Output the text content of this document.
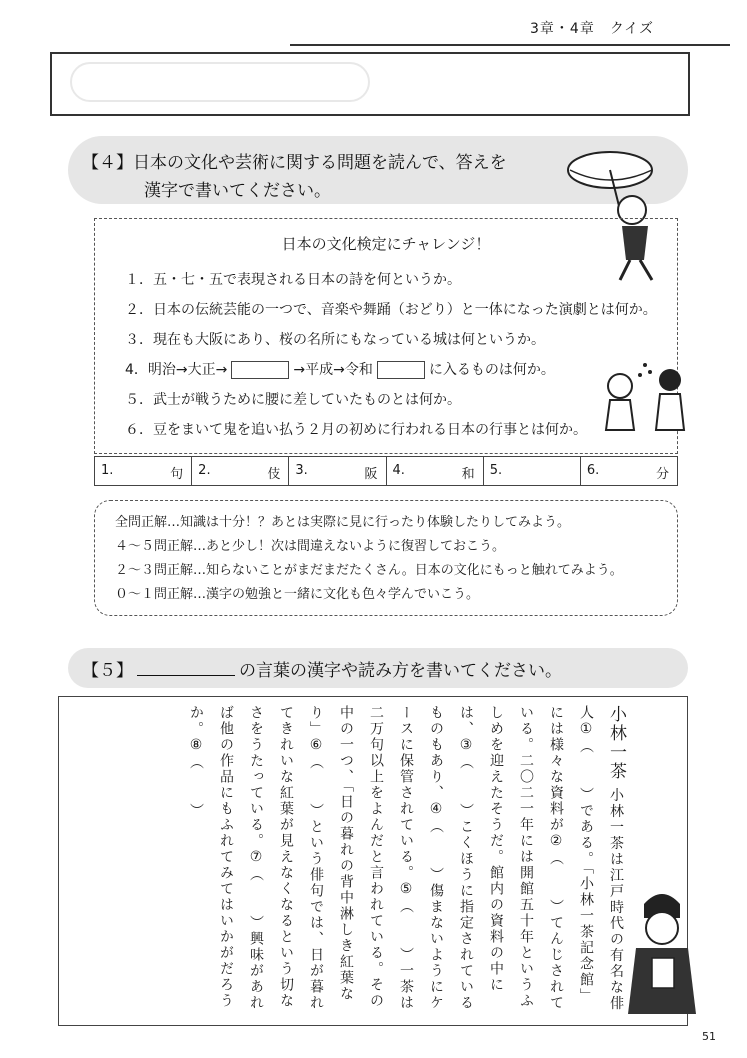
3章・4章　クイズ
【４】日本の文化や芸術に関する問題を読んで、答えを
漢字で書いてください。
日本の文化検定にチャレンジ！
１．五・七・五で表現される日本の詩を何というか。
２．日本の伝統芸能の一つで、音楽や舞踊（おどり）と一体になった演劇とは何か。
３．現在も大阪にあり、桜の名所にもなっている城は何というか。
4．明治→大正→	→平成→令和	に入るものは何か。
５．武士が戦うために腰に差していたものとは何か。
６．豆をまいて鬼を追い払う２月の初めに行われる日本の行事とは何か。
1.	句 2.	伎 3.	阪 4.	和 5.	6.	分
全問正解…知識は十分！？あとは実際に見に行ったり体験したりしてみよう。
４～５問正解…あと少し！次は間違えないように復習しておこう。
２～３問正解…知らないことがまだまだたくさん。日本の文化にもっと触れてみよう。
０～１問正解…漢字の勉強と一緒に文化も色々学んでいこう。
【５】	の言葉の漢字や読み方を書いてください。
小林一茶 小林一茶は江戸時代の有名な俳人①（　　）である。「小林一茶記念館」には様々な資料が②（　　）てんじされている。二〇二一年には開館五十年というふしめを迎えたそうだ。館内の資料の中には、③（　　）こくほうに指定されているものもあり、④（　　）傷まないようにケースに保管されている。⑤（　　）一茶は二万句以上をよんだと言われている。その中の一つ、「日の暮れの背中淋しき紅葉なり」⑥（　　）という俳句では、日が暮れてきれいな紅葉が見えなくなるという切なさをうたっている。⑦（　　）興味があれば他の作品にもふれてみてはいかがだろうか。⑧（　　）
51
